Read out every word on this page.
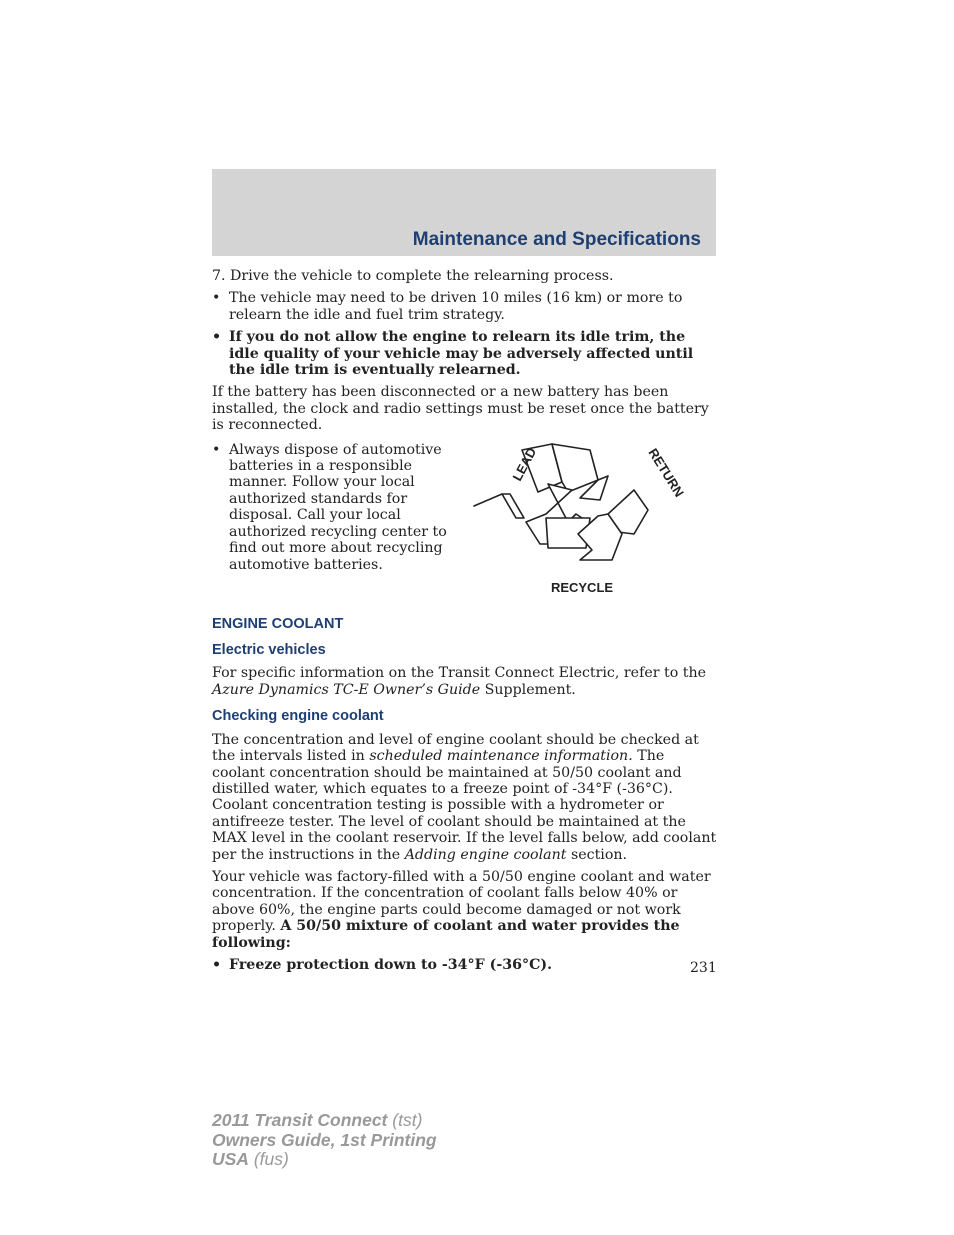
Maintenance and Specifications

7. Drive the vehicle to complete the relearning process.

• The vehicle may need to be driven 10 miles (16 km) or more to relearn the idle and fuel trim strategy.
• If you do not allow the engine to relearn its idle trim, the idle quality of your vehicle may be adversely affected until the idle trim is eventually relearned.

If the battery has been disconnected or a new battery has been installed, the clock and radio settings must be reset once the battery is reconnected.

• Always dispose of automotive batteries in a responsible manner. Follow your local authorized standards for disposal. Call your local authorized recycling center to find out more about recycling automotive batteries.
LEAD	RETURN
RECYCLE
ENGINE COOLANT
Electric vehicles

For specific information on the Transit Connect Electric, refer to the Azure Dynamics TC-E Owner’s Guide Supplement.

Checking engine coolant

The concentration and level of engine coolant should be checked at the intervals listed in scheduled maintenance information. The coolant concentration should be maintained at 50/50 coolant and distilled water, which equates to a freeze point of -34°F (-36°C). Coolant concentration testing is possible with a hydrometer or antifreeze tester. The level of coolant should be maintained at the MAX level in the coolant reservoir. If the level falls below, add coolant per the instructions in the Adding engine coolant section.

Your vehicle was factory-filled with a 50/50 engine coolant and water concentration. If the concentration of coolant falls below 40% or above 60%, the engine parts could become damaged or not work properly. A 50/50 mixture of coolant and water provides the following:

• Freeze protection down to -34°F (-36°C).	231
2011 Transit Connect (tst)
Owners Guide, 1st Printing
USA (fus)
